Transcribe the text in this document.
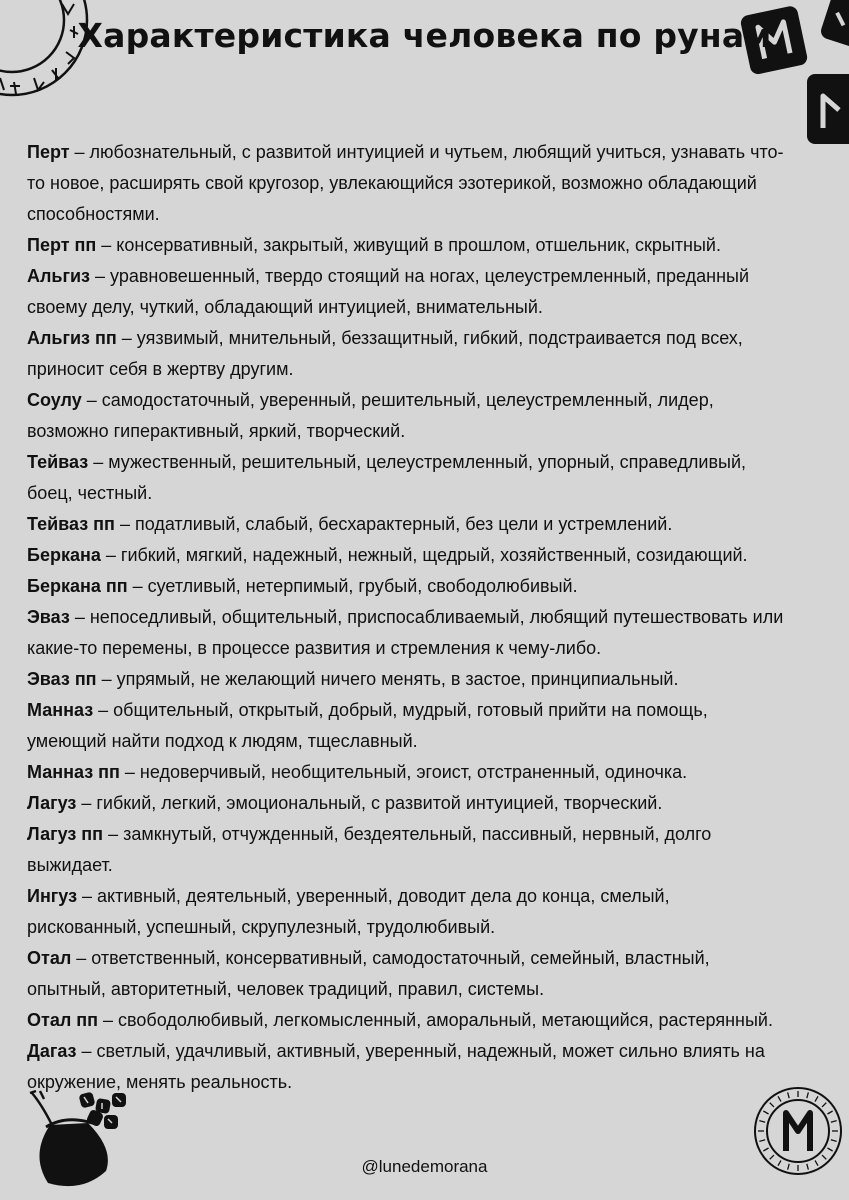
Характеристика человека по рунам

Перт – любознательный, с развитой интуицией и чутьем, любящий учиться, узнавать что-то новое, расширять свой кругозор, увлекающийся эзотерикой, возможно обладающий способностями.

Перт пп – консервативный, закрытый, живущий в прошлом, отшельник, скрытный.

Альгиз – уравновешенный, твердо стоящий на ногах, целеустремленный, преданный своему делу, чуткий, обладающий интуицией, внимательный.

Альгиз пп – уязвимый, мнительный, беззащитный, гибкий, подстраивается под всех, приносит себя в жертву другим.

Соулу – самодостаточный, уверенный, решительный, целеустремленный, лидер, возможно гиперактивный, яркий, творческий.

Тейваз – мужественный, решительный, целеустремленный, упорный, справедливый, боец, честный.

Тейваз пп – податливый, слабый, бесхарактерный, без цели и устремлений.

Беркана – гибкий, мягкий, надежный, нежный, щедрый, хозяйственный, созидающий.

Беркана пп – суетливый, нетерпимый, грубый, свободолюбивый.

Эваз – непоседливый, общительный, приспосабливаемый, любящий путешествовать или какие-то перемены, в процессе развития и стремления к чему-либо.

Эваз пп – упрямый, не желающий ничего менять, в застое, принципиальный.

Манназ – общительный, открытый, добрый, мудрый, готовый прийти на помощь, умеющий найти подход к людям, тщеславный.

Манназ пп – недоверчивый, необщительный, эгоист, отстраненный, одиночка.

Лагуз – гибкий, легкий, эмоциональный, с развитой интуицией, творческий.

Лагуз пп – замкнутый, отчужденный, бездеятельный, пассивный, нервный, долго выжидает.

Ингуз – активный, деятельный, уверенный, доводит дела до конца, смелый, рискованный, успешный, скрупулезный, трудолюбивый.

Отал – ответственный, консервативный, самодостаточный, семейный, властный, опытный, авторитетный, человек традиций, правил, системы.

Отал пп – свободолюбивый, легкомысленный, аморальный, метающийся, растерянный.

Дагаз – светлый, удачливый, активный, уверенный, надежный, может сильно влиять на окружение, менять реальность.

@lunedemorana
